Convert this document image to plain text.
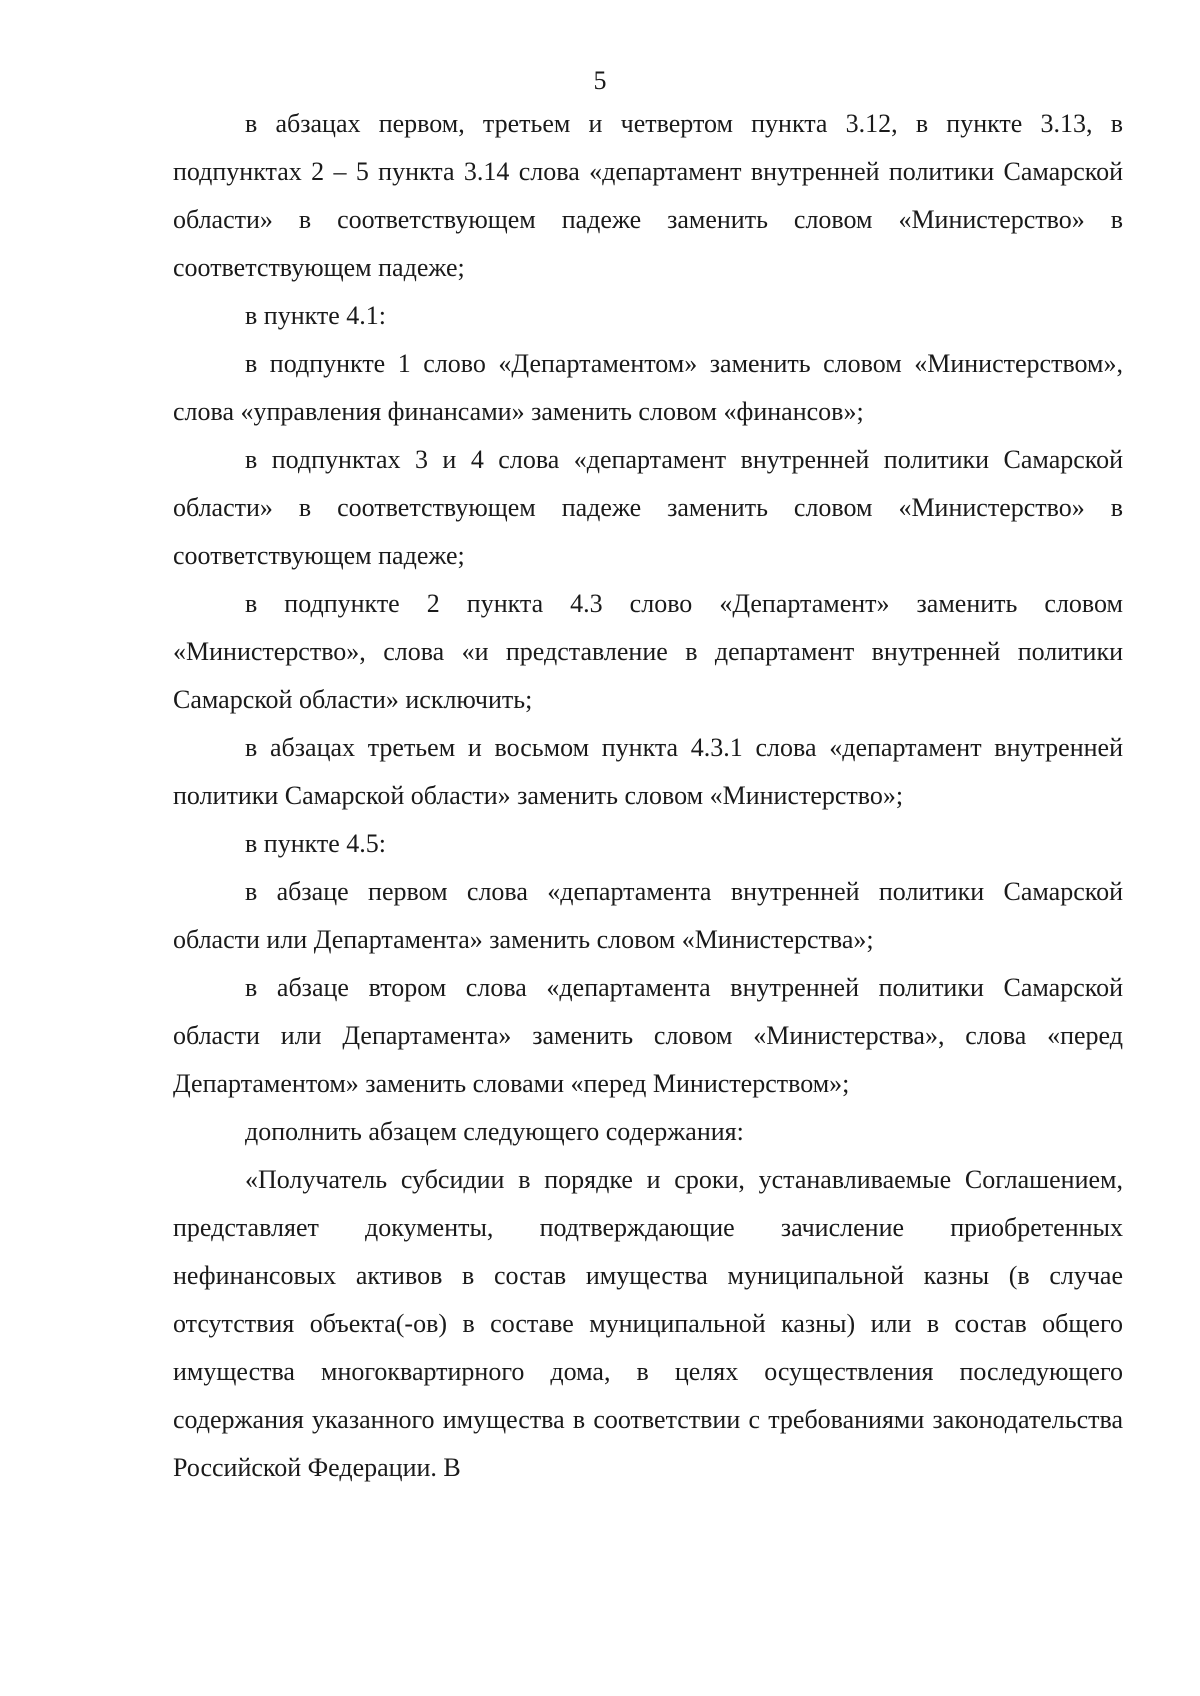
5

в абзацах первом, третьем и четвертом пункта 3.12, в пункте 3.13, в подпунктах 2 – 5 пункта 3.14 слова «департамент внутренней политики Самарской области» в соответствующем падеже заменить словом «Министерство» в соответствующем падеже;

в пункте 4.1:

в подпункте 1 слово «Департаментом» заменить словом «Министерством», слова «управления финансами» заменить словом «финансов»;

в подпунктах 3 и 4 слова «департамент внутренней политики Самарской области» в соответствующем падеже заменить словом «Министерство» в соответствующем падеже;

в подпункте 2 пункта 4.3 слово «Департамент» заменить словом «Министерство», слова «и представление в департамент внутренней политики Самарской области» исключить;

в абзацах третьем и восьмом пункта 4.3.1 слова «департамент внутренней политики Самарской области» заменить словом «Министерство»;

в пункте 4.5:

в абзаце первом слова «департамента внутренней политики Самарской области или Департамента» заменить словом «Министерства»;

в абзаце втором слова «департамента внутренней политики Самарской области или Департамента» заменить словом «Министерства», слова «перед Департаментом» заменить словами «перед Министерством»;

дополнить абзацем следующего содержания:

«Получатель субсидии в порядке и сроки, устанавливаемые Соглашением, представляет документы, подтверждающие зачисление приобретенных нефинансовых активов в состав имущества муниципальной казны (в случае отсутствия объекта(-ов) в составе муниципальной казны) или в состав общего имущества многоквартирного дома, в целях осуществления последующего содержания указанного имущества в соответствии с требованиями законодательства Российской Федерации. В
